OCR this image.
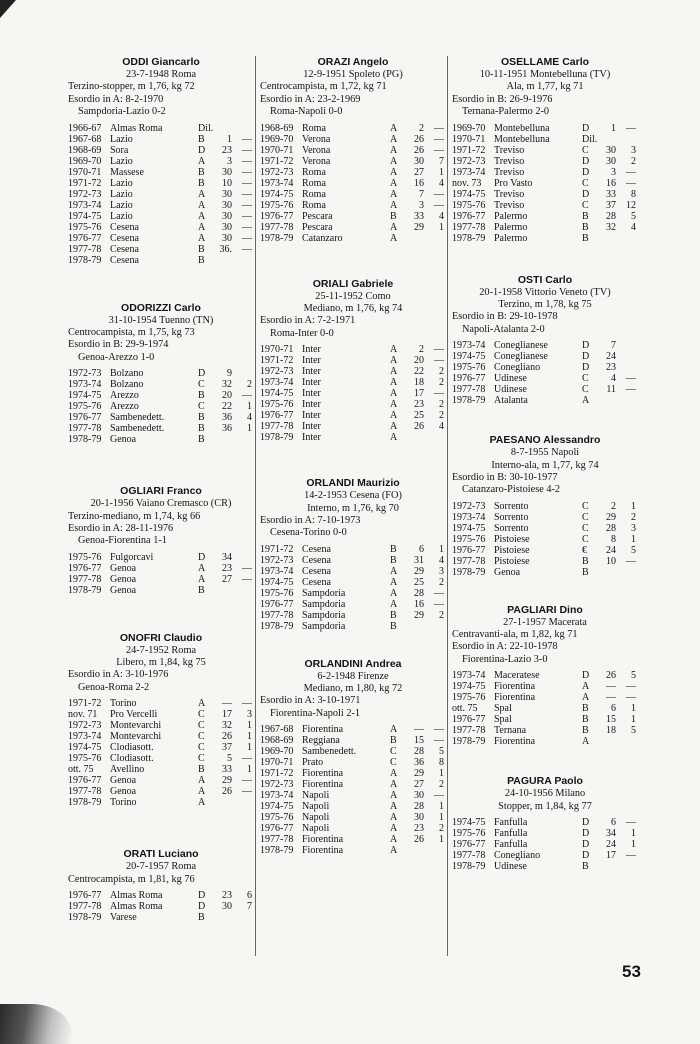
ODDI Giancarlo
23-7-1948 Roma
Terzino-stopper, m 1,76, kg 72
Esordio in A: 8-2-1970
Sampdoria-Lazio 0-2
1966-67 Almas Roma	Dil.
1967-68 Lazio	B	1	—
1968-69 Sora	D	23	—
1969-70 Lazio	A	3	—
1970-71 Massese	B	30	—
1971-72 Lazio	B	10	—
1972-73 Lazio	A	30	—
1973-74 Lazio	A	30	—
1974-75 Lazio	A	30	—
1975-76 Cesena	A	30	—
1976-77 Cesena	A	30	—
1977-78 Cesena	B	36.	—
1978-79 Cesena	B
ODORIZZI Carlo
31-10-1954 Tuenno (TN)
Centrocampista, m 1,75, kg 73
Esordio in B: 29-9-1974
Genoa-Arezzo 1-0
1972-73 Bolzano	D	9
1973-74 Bolzano	C	32	2
1974-75 Arezzo	B	20	—
1975-76 Arezzo	C	22	1
1976-77 Sambenedett.	B	36	4
1977-78 Sambenedett.	B	36	1
1978-79 Genoa	B
OGLIARI Franco
20-1-1956 Vaiano Cremasco (CR)
Terzino-mediano, m 1,74, kg 66
Esordio in A: 28-11-1976
Genoa-Fiorentina 1-1
1975-76 Fulgorcavi	D	34
1976-77 Genoa	A	23	—
1977-78 Genoa	A	27	—
1978-79 Genoa	B
ONOFRI Claudio
24-7-1952 Roma
Libero, m 1,84, kg 75
Esordio in A: 3-10-1976
Genoa-Roma 2-2
1971-72 Torino	A	—	—
nov. 71	Pro Vercelli	C	17	3
1972-73 Montevarchi	C	32	1
1973-74 Montevarchi	C	26	1
1974-75 Clodiasott.	C	37	1
1975-76 Clodiasott.	C	5	—
ott. 75	Avellino	B	33	1
1976-77 Genoa	A	29	—
1977-78 Genoa	A	26	—
1978-79 Torino	A
ORATI Luciano
20-7-1957 Roma
Centrocampista, m 1,81, kg 76
1976-77 Almas Roma	D	23	6
1977-78 Almas Roma	D	30	7
1978-79 Varese	B
ORAZI Angelo
12-9-1951 Spoleto (PG)
Centrocampista, m 1,72, kg 71
Esordio in A: 23-2-1969
Roma-Napoli 0-0
1968-69 Roma	A	2	—
1969-70 Verona	A	26	—
1970-71 Verona	A	26	—
1971-72 Verona	A	30	7
1972-73 Roma	A	27	1
1973-74 Roma	A	16	4
1974-75 Roma	A	7	—
1975-76 Roma	A	3	—
1976-77 Pescara	B	33	4
1977-78 Pescara	A	29	1
1978-79 Catanzaro	A
ORIALI Gabriele
25-11-1952 Como
Mediano, m 1,76, kg 74
Esordio in A: 7-2-1971
Roma-Inter 0-0
1970-71 Inter	A	2	—
1971-72 Inter	A	20	—
1972-73 Inter	A	22	2
1973-74 Inter	A	18	2
1974-75 Inter	A	17	—
1975-76 Inter	A	23	2
1976-77 Inter	A	25	2
1977-78 Inter	A	26	4
1978-79 Inter	A
ORLANDI Maurizio
14-2-1953 Cesena (FO)
Interno, m 1,76, kg 70
Esordio in A: 7-10-1973
Cesena-Torino 0-0
1971-72 Cesena	B	6	1
1972-73 Cesena	B	31	4
1973-74 Cesena	A	29	3
1974-75 Cesena	A	25	2
1975-76 Sampdoria	A	28	—
1976-77 Sampdoria	A	16	—
1977-78 Sampdoria	B	29	2
1978-79 Sampdoria	B
ORLANDINI Andrea
6-2-1948 Firenze
Mediano, m 1,80, kg 72
Esordio in A: 3-10-1971
Fiorentina-Napoli 2-1
1967-68 Fiorentina	A	—	—
1968-69 Reggiana	B	15	—
1969-70 Sambenedett.	C	28	5
1970-71 Prato	C	36	8
1971-72 Fiorentina	A	29	1
1972-73 Fiorentina	A	27	2
1973-74 Napoli	A	30	—
1974-75 Napoli	A	28	1
1975-76 Napoli	A	30	1
1976-77 Napoli	A	23	2
1977-78 Fiorentina	A	26	1
1978-79 Fiorentina	A
OSELLAME Carlo
10-11-1951 Montebelluna (TV)
Ala, m 1,77, kg 71
Esordio in B: 26-9-1976
Ternana-Palermo 2-0
1969-70 Montebelluna	D	1	—
1970-71 Montebelluna	Dil.
1971-72 Treviso	C	30	3
1972-73 Treviso	D	30	2
1973-74 Treviso	D	3	—
nov. 73	Pro Vasto	C	16	—
1974-75 Treviso	D	33	8
1975-76 Treviso	C	37	12
1976-77 Palermo	B	28	5
1977-78 Palermo	B	32	4
1978-79 Palermo	B
OSTI Carlo
20-1-1958 Vittorio Veneto (TV)
Terzino, m 1,78, kg 75
Esordio in B: 29-10-1978
Napoli-Atalanta 2-0
1973-74 Coneglianese	D	7
1974-75 Coneglianese	D	24
1975-76 Conegliano	D	23
1976-77 Udinese	C	4	—
1977-78 Udinese	C	11	—
1978-79 Atalanta	A
PAESANO Alessandro
8-7-1955 Napoli
Interno-ala, m 1,77, kg 74
Esordio in B: 30-10-1977
Catanzaro-Pistoiese 4-2
1972-73 Sorrento	C	2	1
1973-74 Sorrento	C	29	2
1974-75 Sorrento	C	28	3
1975-76 Pistoiese	C	8	1
1976-77 Pistoiese	€	24	5
1977-78 Pistoiese	B	10	—
1978-79 Genoa	B
PAGLIARI Dino
27-1-1957 Macerata
Centravanti-ala, m 1,82, kg 71
Esordio in A: 22-10-1978
Fiorentina-Lazio 3-0
1973-74 Maceratese	D	26	5
1974-75 Fiorentina	A	—	—
1975-76 Fiorentina	A	—	—
ott. 75	Spal	B	6	1
1976-77 Spal	B	15	1
1977-78 Ternana	B	18	5
1978-79 Fiorentina	A
PAGURA Paolo
24-10-1956 Milano
Stopper, m 1,84, kg 77
1974-75 Fanfulla	D	6	—
1975-76 Fanfulla	D	34	1
1976-77 Fanfulla	D	24	1
1977-78 Conegliano	D	17	—
1978-79 Udinese	B
53
